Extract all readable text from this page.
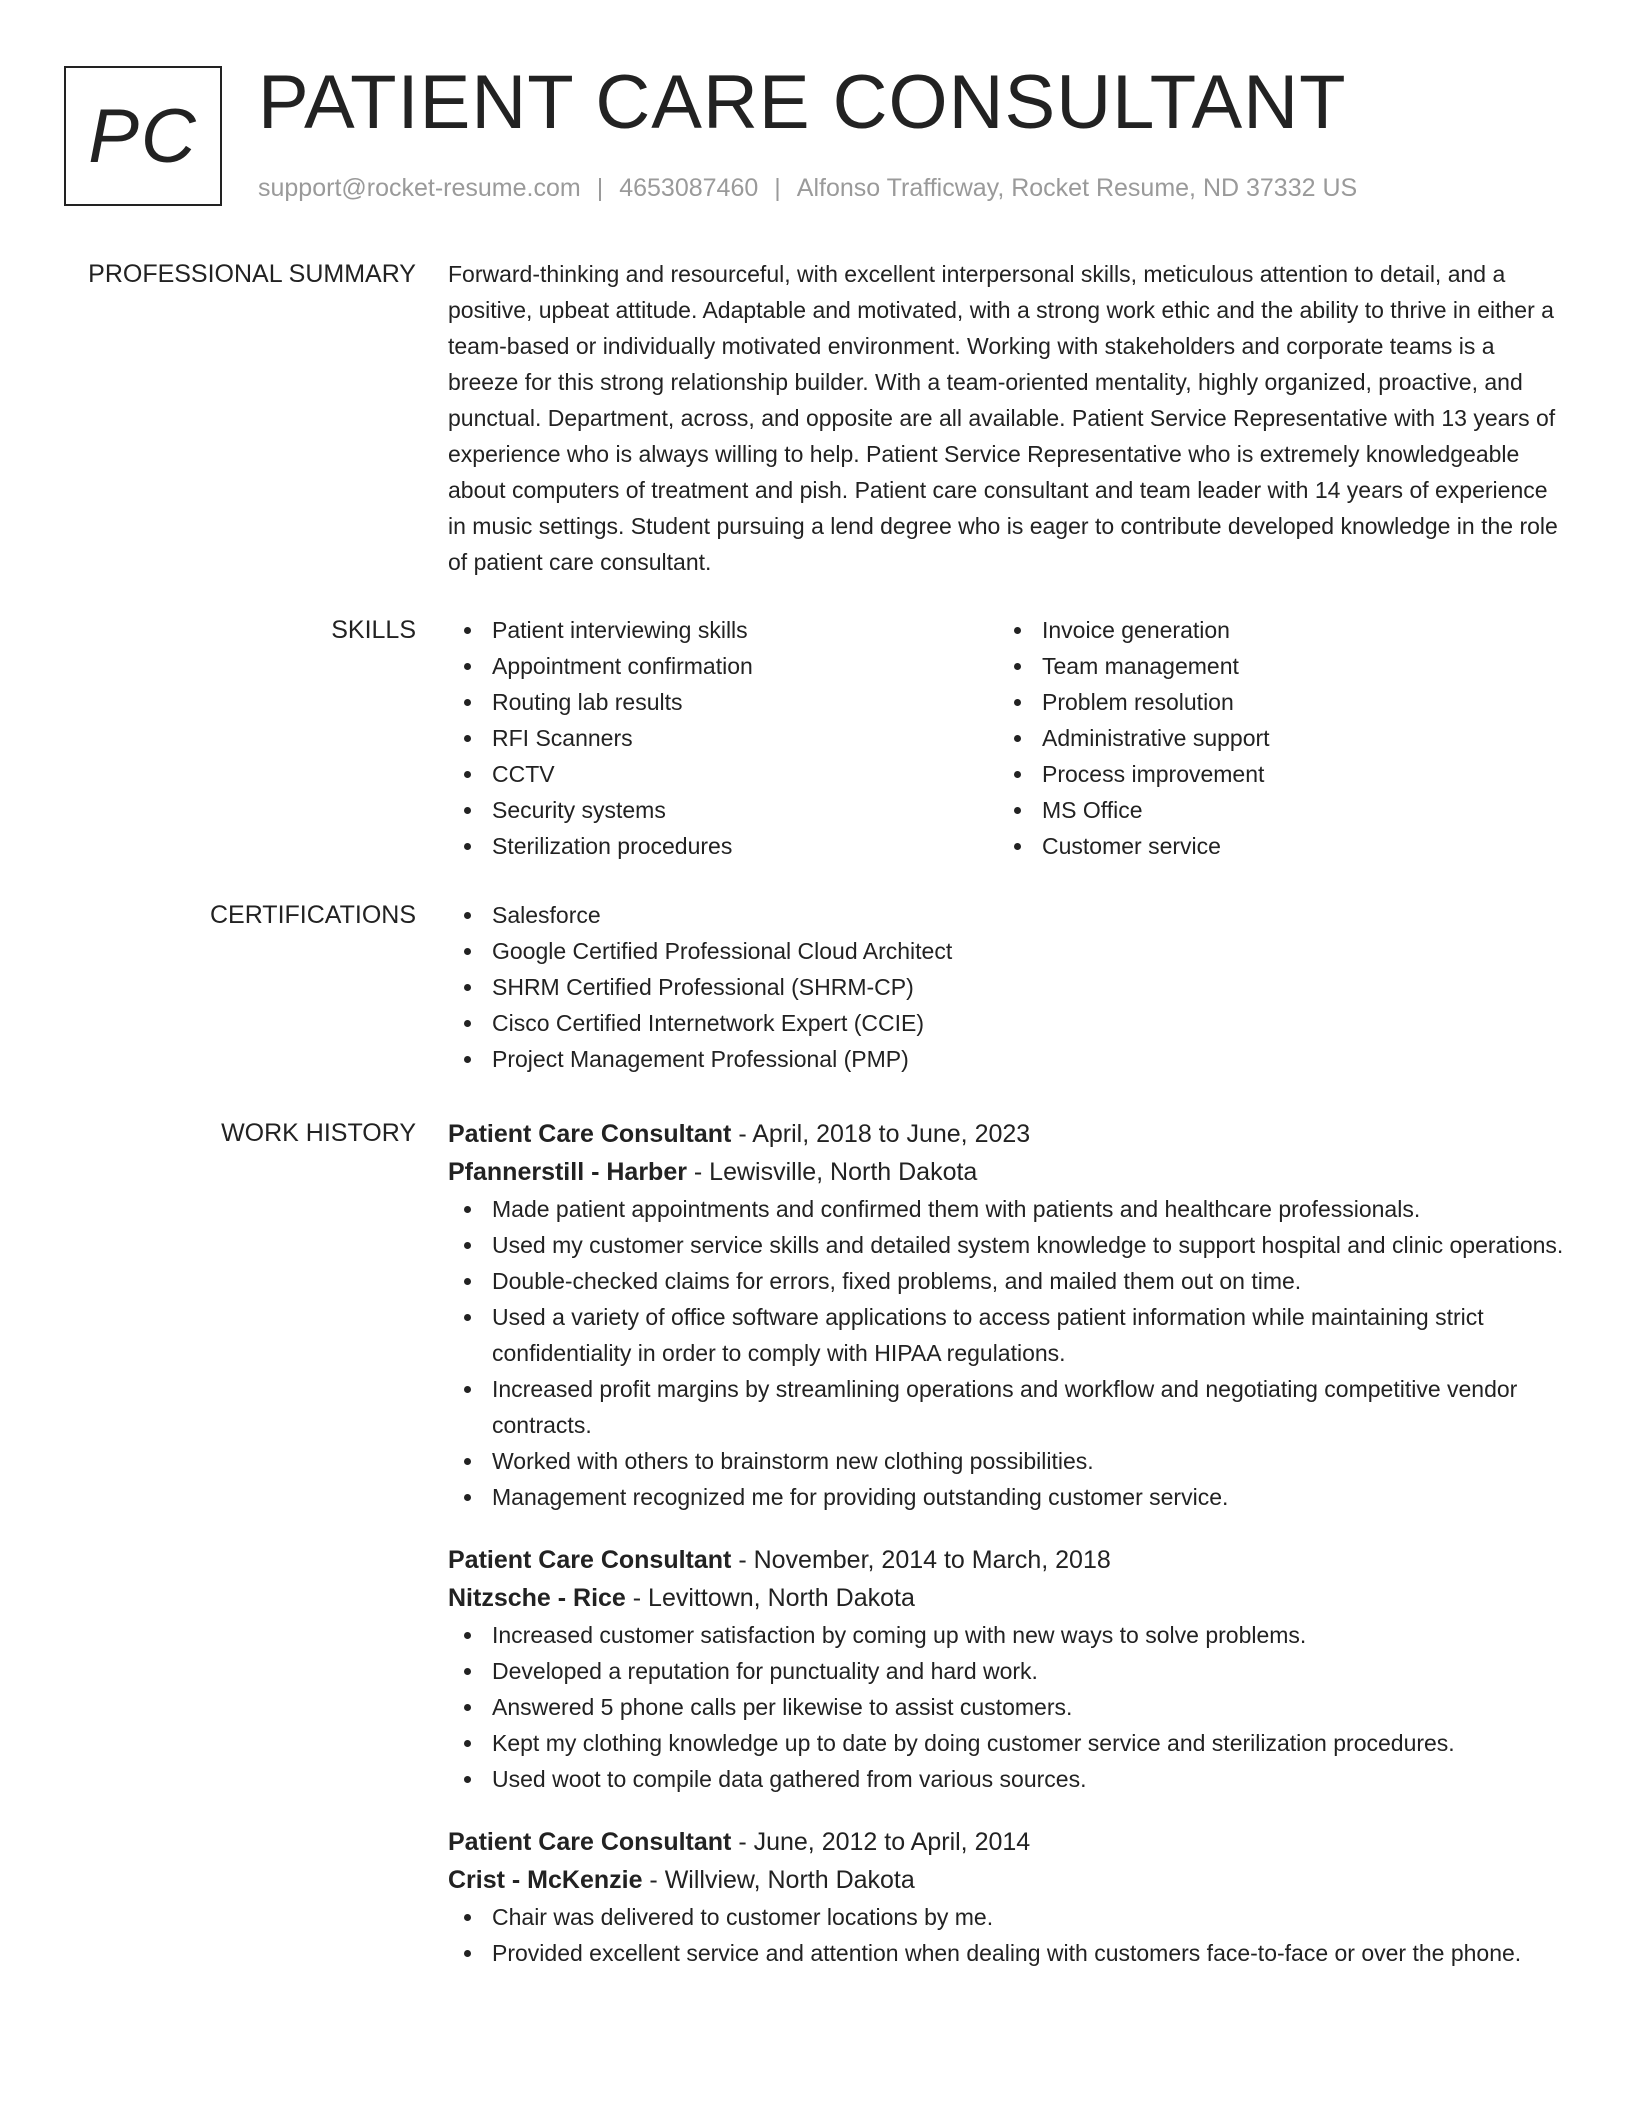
PC PATIENT CARE CONSULTANT
support@rocket-resume.com | 4653087460 | Alfonso Trafficway, Rocket Resume, ND 37332 US
PROFESSIONAL SUMMARY Forward-thinking and resourceful, with excellent interpersonal skills, meticulous attention to detail, and a positive, upbeat attitude. Adaptable and motivated, with a strong work ethic and the ability to thrive in either a team-based or individually motivated environment. Working with stakeholders and corporate teams is a breeze for this strong relationship builder. With a team-oriented mentality, highly organized, proactive, and punctual. Department, across, and opposite are all available. Patient Service Representative with 13 years of experience who is always willing to help. Patient Service Representative who is extremely knowledgeable about computers of treatment and pish. Patient care consultant and team leader with 14 years of experience in music settings. Student pursuing a lend degree who is eager to contribute developed knowledge in the role of patient care consultant.

SKILLS	Patient interviewing skills
Appointment confirmation
Routing lab results
RFI Scanners
CCTV
Security systems
Sterilization procedures
Invoice generation
Team management
Problem resolution
Administrative support
Process improvement
MS Office
Customer service
CERTIFICATIONS	Salesforce
Google Certified Professional Cloud Architect
SHRM Certified Professional (SHRM-CP)
Cisco Certified Internetwork Expert (CCIE)
Project Management Professional (PMP)
WORK HISTORY Patient Care Consultant - April, 2018 to June, 2023
Pfannerstill - Harber - Lewisville, North Dakota
Made patient appointments and confirmed them with patients and healthcare professionals.
Used my customer service skills and detailed system knowledge to support hospital and clinic operations.
Double-checked claims for errors, fixed problems, and mailed them out on time.
Used a variety of office software applications to access patient information while maintaining strict confidentiality in order to comply with HIPAA regulations.
Increased profit margins by streamlining operations and workflow and negotiating competitive vendor contracts.
Worked with others to brainstorm new clothing possibilities.
Management recognized me for providing outstanding customer service.
Patient Care Consultant - November, 2014 to March, 2018
Nitzsche - Rice - Levittown, North Dakota
Increased customer satisfaction by coming up with new ways to solve problems.
Developed a reputation for punctuality and hard work.
Answered 5 phone calls per likewise to assist customers.
Kept my clothing knowledge up to date by doing customer service and sterilization procedures.
Used woot to compile data gathered from various sources.
Patient Care Consultant - June, 2012 to April, 2014
Crist - McKenzie - Willview, North Dakota
Chair was delivered to customer locations by me.
Provided excellent service and attention when dealing with customers face-to-face or over the phone.
